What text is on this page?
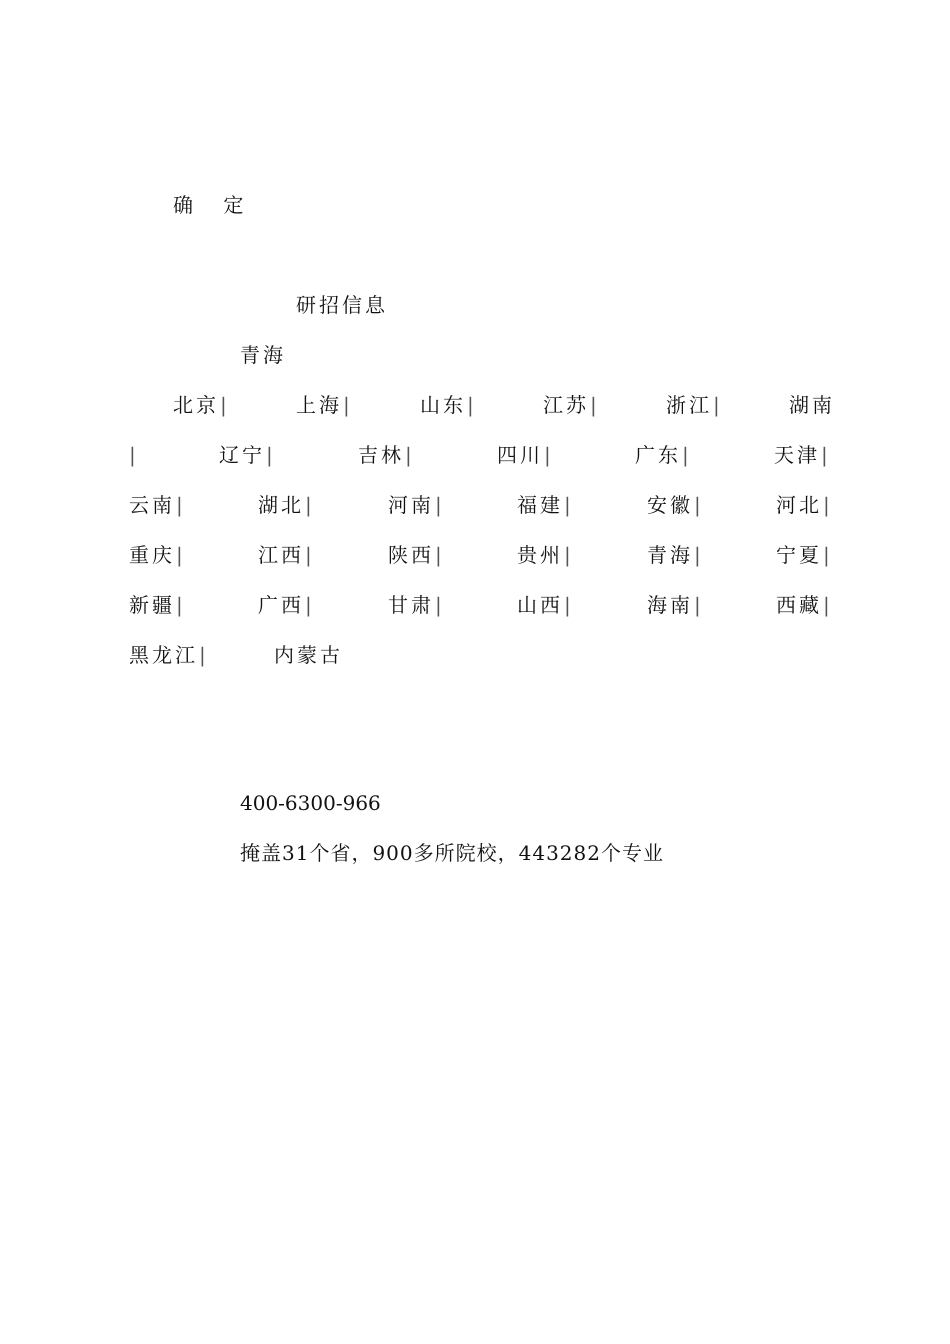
确 定
研招信息
青海
北京|	上海|	山东|	江苏|	浙江|	湖南
|	辽宁|	吉林|	四川|	广东|	天津|
云南|	湖北|	河南|	福建|	安徽|	河北|
重庆|	江西|	陕西|	贵州|	青海|	宁夏|
新疆|	广西|	甘肃|	山西|	海南|	西藏|
黑龙江|	内蒙古
400-6300-966
掩盖31个省，900多所院校，443282个专业
